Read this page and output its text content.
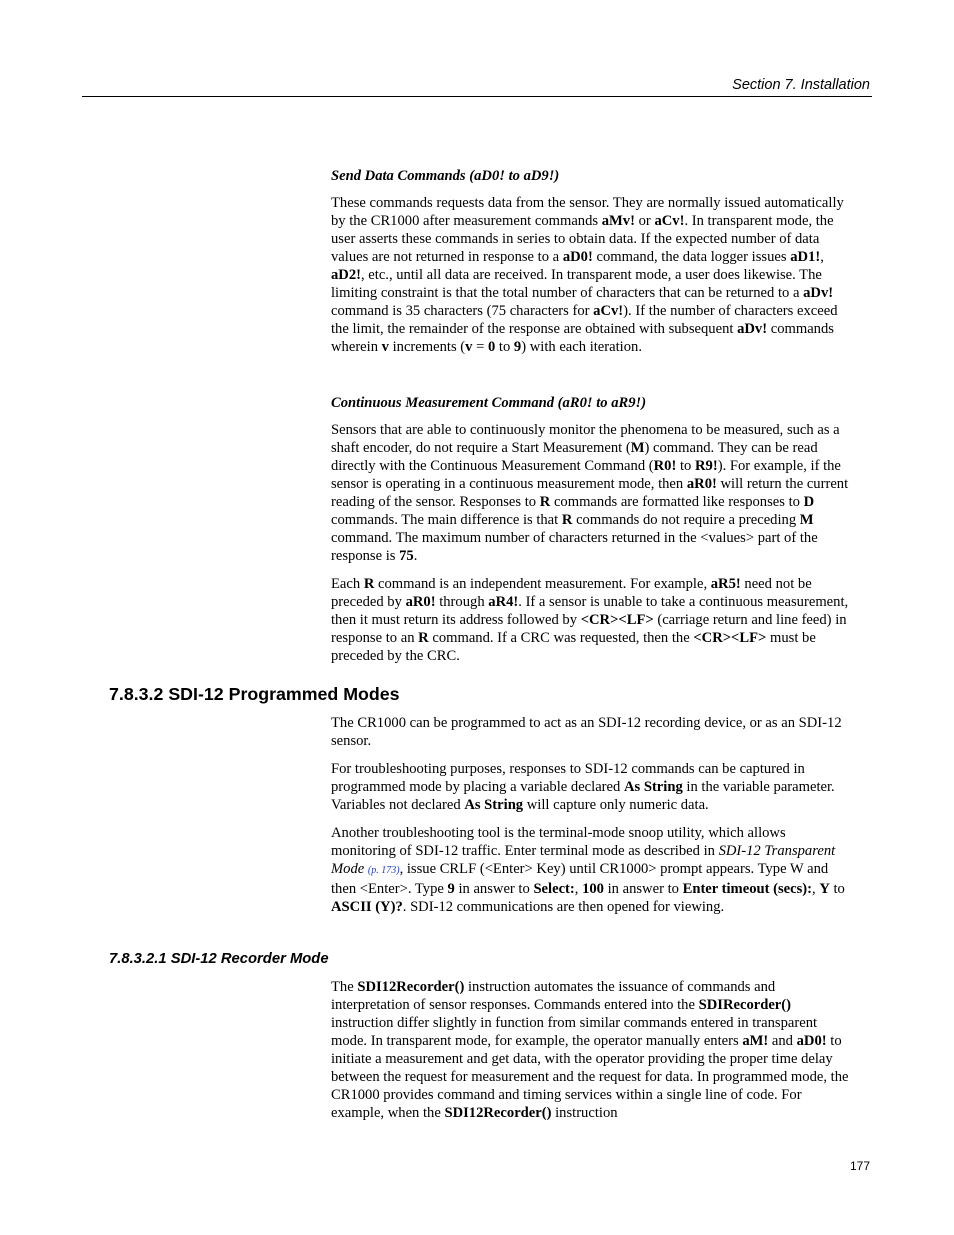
Section 7. Installation
Send Data Commands (aD0! to aD9!)

These commands requests data from the sensor. They are normally issued automatically by the CR1000 after measurement commands aMv! or aCv!. In transparent mode, the user asserts these commands in series to obtain data. If the expected number of data values are not returned in response to a aD0! command, the data logger issues aD1!, aD2!, etc., until all data are received. In transparent mode, a user does likewise. The limiting constraint is that the total number of characters that can be returned to a aDv! command is 35 characters (75 characters for aCv!). If the number of characters exceed the limit, the remainder of the response are obtained with subsequent aDv! commands wherein v increments (v = 0 to 9) with each iteration.

Continuous Measurement Command (aR0! to aR9!)

Sensors that are able to continuously monitor the phenomena to be measured, such as a shaft encoder, do not require a Start Measurement (M) command. They can be read directly with the Continuous Measurement Command (R0! to R9!). For example, if the sensor is operating in a continuous measurement mode, then aR0! will return the current reading of the sensor. Responses to R commands are formatted like responses to D commands. The main difference is that R commands do not require a preceding M command. The maximum number of characters returned in the <values> part of the response is 75.

Each R command is an independent measurement. For example, aR5! need not be preceded by aR0! through aR4!. If a sensor is unable to take a continuous measurement, then it must return its address followed by <CR><LF> (carriage return and line feed) in response to an R command. If a CRC was requested, then the <CR><LF> must be preceded by the CRC.

7.8.3.2 SDI-12 Programmed Modes

The CR1000 can be programmed to act as an SDI-12 recording device, or as an SDI-12 sensor.

For troubleshooting purposes, responses to SDI-12 commands can be captured in programmed mode by placing a variable declared As String in the variable parameter. Variables not declared As String will capture only numeric data.

Another troubleshooting tool is the terminal-mode snoop utility, which allows monitoring of SDI-12 traffic. Enter terminal mode as described in SDI-12 Transparent Mode (p. 173), issue CRLF (<Enter> Key) until CR1000> prompt appears. Type W and then <Enter>. Type 9 in answer to Select:, 100 in answer to Enter timeout (secs):, Y to ASCII (Y)?. SDI-12 communications are then opened for viewing.

7.8.3.2.1 SDI-12 Recorder Mode

The SDI12Recorder() instruction automates the issuance of commands and interpretation of sensor responses. Commands entered into the SDIRecorder() instruction differ slightly in function from similar commands entered in transparent mode. In transparent mode, for example, the operator manually enters aM! and aD0! to initiate a measurement and get data, with the operator providing the proper time delay between the request for measurement and the request for data. In programmed mode, the CR1000 provides command and timing services within a single line of code. For example, when the SDI12Recorder() instruction

177
